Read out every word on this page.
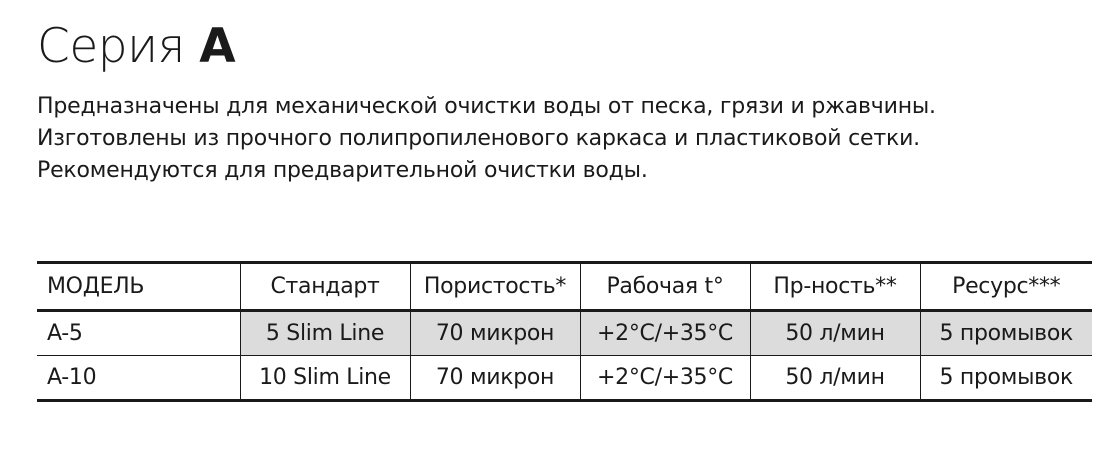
Серия A

Предназначены для механической очистки воды от песка, грязи и ржавчины.

Изготовлены из прочного полипропиленового каркаса и пластиковой сетки.

Рекомендуются для предварительной очистки воды.

МОДЕЛЬ	Стандарт	Пористость*	Рабочая t°	Пр-ность**	Ресурс***
A-5	5 Slim Line	70 микрон	+2°C/+35°C	50 л/мин	5 промывок
A-10	10 Slim Line	70 микрон	+2°C/+35°C	50 л/мин	5 промывок
